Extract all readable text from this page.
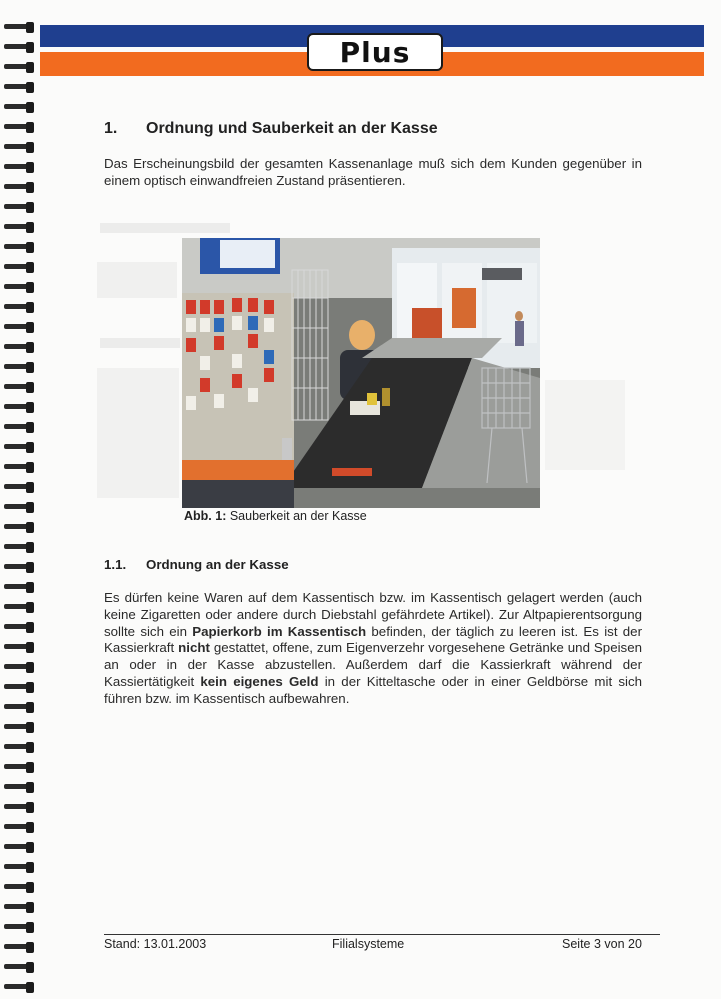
Plus
1. Ordnung und Sauberkeit an der Kasse
Das Erscheinungsbild der gesamten Kassenanlage muß sich dem Kunden gegenüber in einem optisch einwandfreien Zustand präsentieren.
Abb. 1: Sauberkeit an der Kasse
1.1. Ordnung an der Kasse
Es dürfen keine Waren auf dem Kassentisch bzw. im Kassentisch gelagert werden (auch keine Zigaretten oder andere durch Diebstahl gefährdete Artikel). Zur Altpapierentsorgung sollte sich ein Papierkorb im Kassentisch befinden, der täglich zu leeren ist. Es ist der Kassierkraft nicht gestattet, offene, zum Eigenverzehr vorgesehene Getränke und Speisen an oder in der Kasse abzustellen. Außerdem darf die Kassierkraft während der Kassiertätigkeit kein eigenes Geld in der Kitteltasche oder in einer Geldbörse mit sich führen bzw. im Kassentisch aufbewahren.
Stand: 13.01.2003	Filialsysteme	Seite 3 von 20
